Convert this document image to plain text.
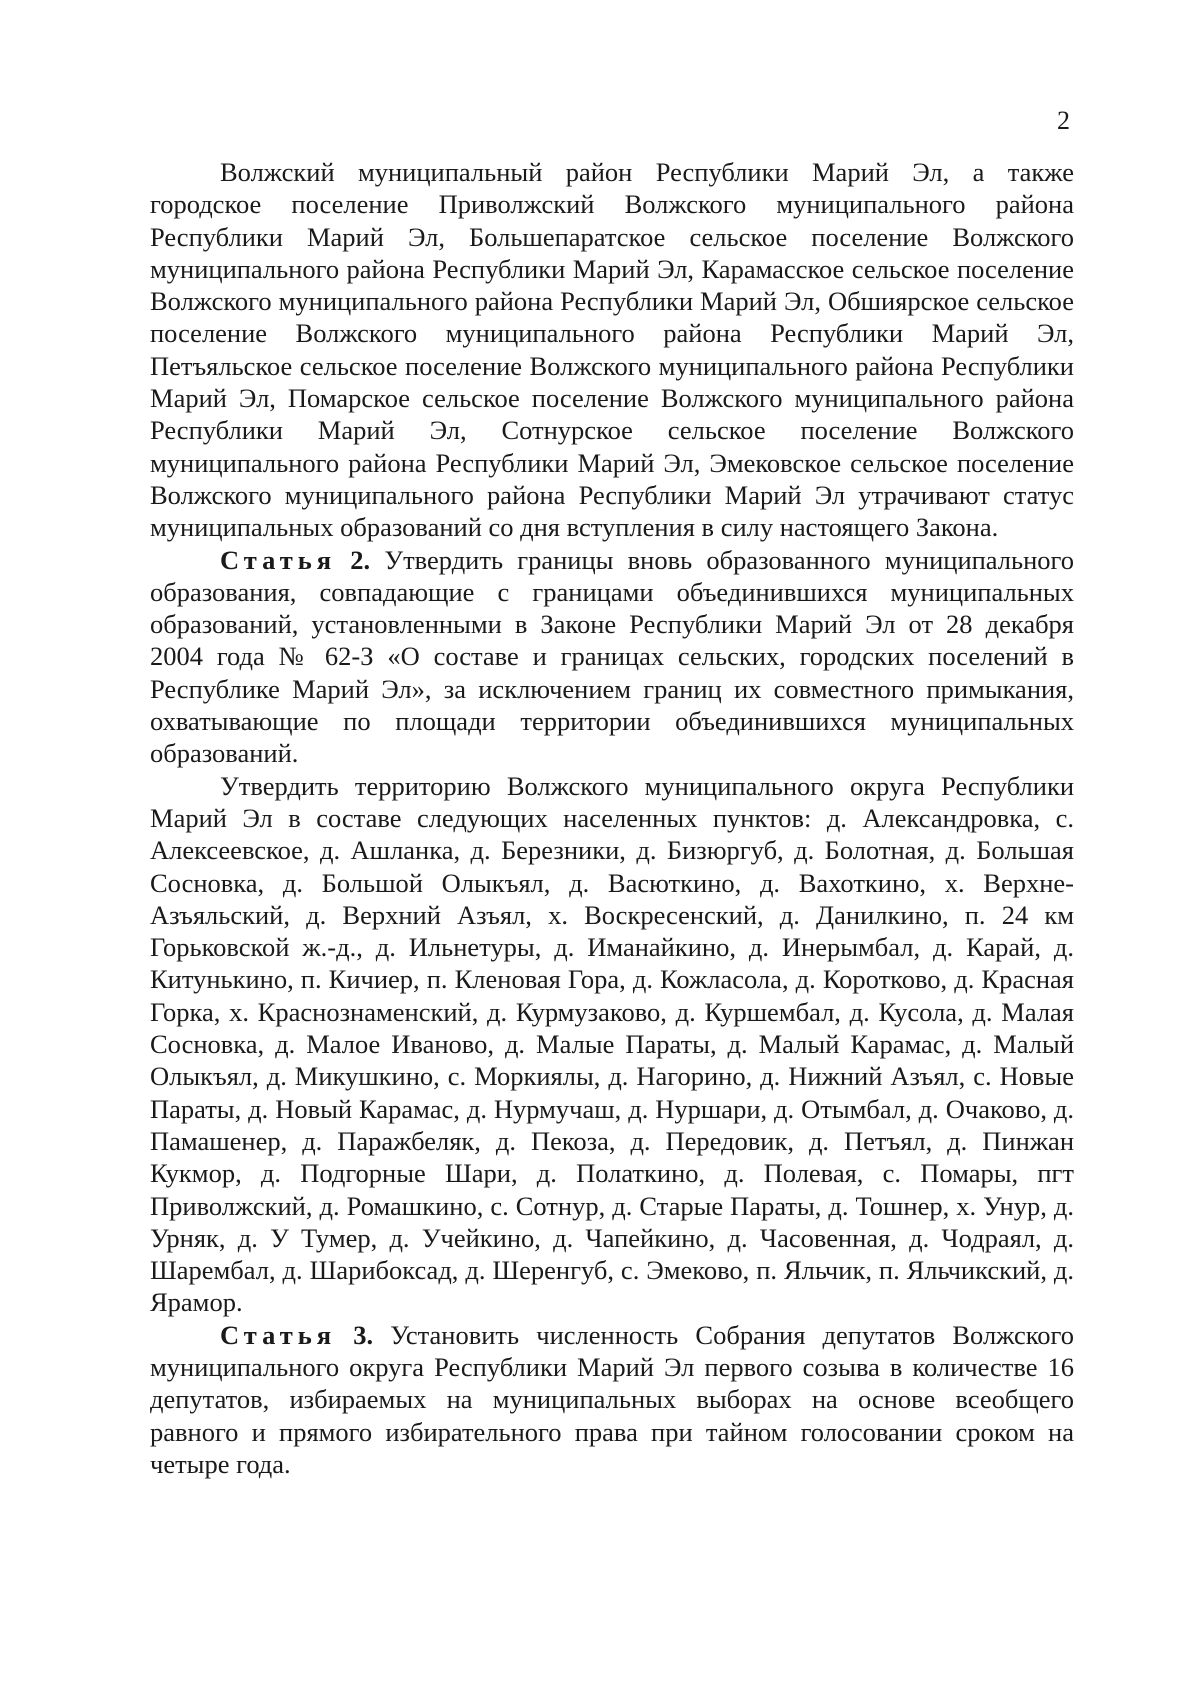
2

Волжский муниципальный район Республики Марий Эл, а также городское поселение Приволжский Волжского муниципального района Республики Марий Эл, Большепаратское сельское поселение Волжского муниципального района Республики Марий Эл, Карамасское сельское поселение Волжского муниципального района Республики Марий Эл, Обшиярское сельское поселение Волжского муниципального района Республики Марий Эл, Петъяльское сельское поселение Волжского муниципального района Республики Марий Эл, Помарское сельское поселение Волжского муниципального района Республики Марий Эл, Сотнурское сельское поселение Волжского муниципального района Республики Марий Эл, Эмековское сельское поселение Волжского муниципального района Республики Марий Эл утрачивают статус муниципальных образований со дня вступления в силу настоящего Закона.

Статья 2. Утвердить границы вновь образованного муниципального образования, совпадающие с границами объединившихся муниципальных образований, установленными в Законе Республики Марий Эл от 28 декабря 2004 года № 62-З «О составе и границах сельских, городских поселений в Республике Марий Эл», за исключением границ их совместного примыкания, охватывающие по площади территории объединившихся муниципальных образований.

Утвердить территорию Волжского муниципального округа Республики Марий Эл в составе следующих населенных пунктов: д. Александровка, с. Алексеевское, д. Ашланка, д. Березники, д. Бизюргуб, д. Болотная, д. Большая Сосновка, д. Большой Олыкъял, д. Васюткино, д. Вахоткино, х. Верхне-Азъяльский, д. Верхний Азъял, х. Воскресенский, д. Данилкино, п. 24 км Горьковской ж.-д., д. Ильнетуры, д. Иманайкино, д. Инерымбал, д. Карай, д. Китунькино, п. Кичиер, п. Кленовая Гора, д. Кожласола, д. Коротково, д. Красная Горка, х. Краснознаменский, д. Курмузаково, д. Куршембал, д. Кусола, д. Малая Сосновка, д. Малое Иваново, д. Малые Параты, д. Малый Карамас, д. Малый Олыкъял, д. Микушкино, с. Моркиялы, д. Нагорино, д. Нижний Азъял, с. Новые Параты, д. Новый Карамас, д. Нурмучаш, д. Нуршари, д. Отымбал, д. Очаково, д. Памашенер, д. Паражбеляк, д. Пекоза, д. Передовик, д. Петъял, д. Пинжан Кукмор, д. Подгорные Шари, д. Полаткино, д. Полевая, с. Помары, пгт Приволжский, д. Ромашкино, с. Сотнур, д. Старые Параты, д. Тошнер, х. Унур, д. Урняк, д. У Тумер, д. Учейкино, д. Чапейкино, д. Часовенная, д. Чодраял, д. Шарембал, д. Шарибоксад, д. Шеренгуб, с. Эмеково, п. Яльчик, п. Яльчикский, д. Ярамор.

Статья 3. Установить численность Собрания депутатов Волжского муниципального округа Республики Марий Эл первого созыва в количестве 16 депутатов, избираемых на муниципальных выборах на основе всеобщего равного и прямого избирательного права при тайном голосовании сроком на четыре года.
